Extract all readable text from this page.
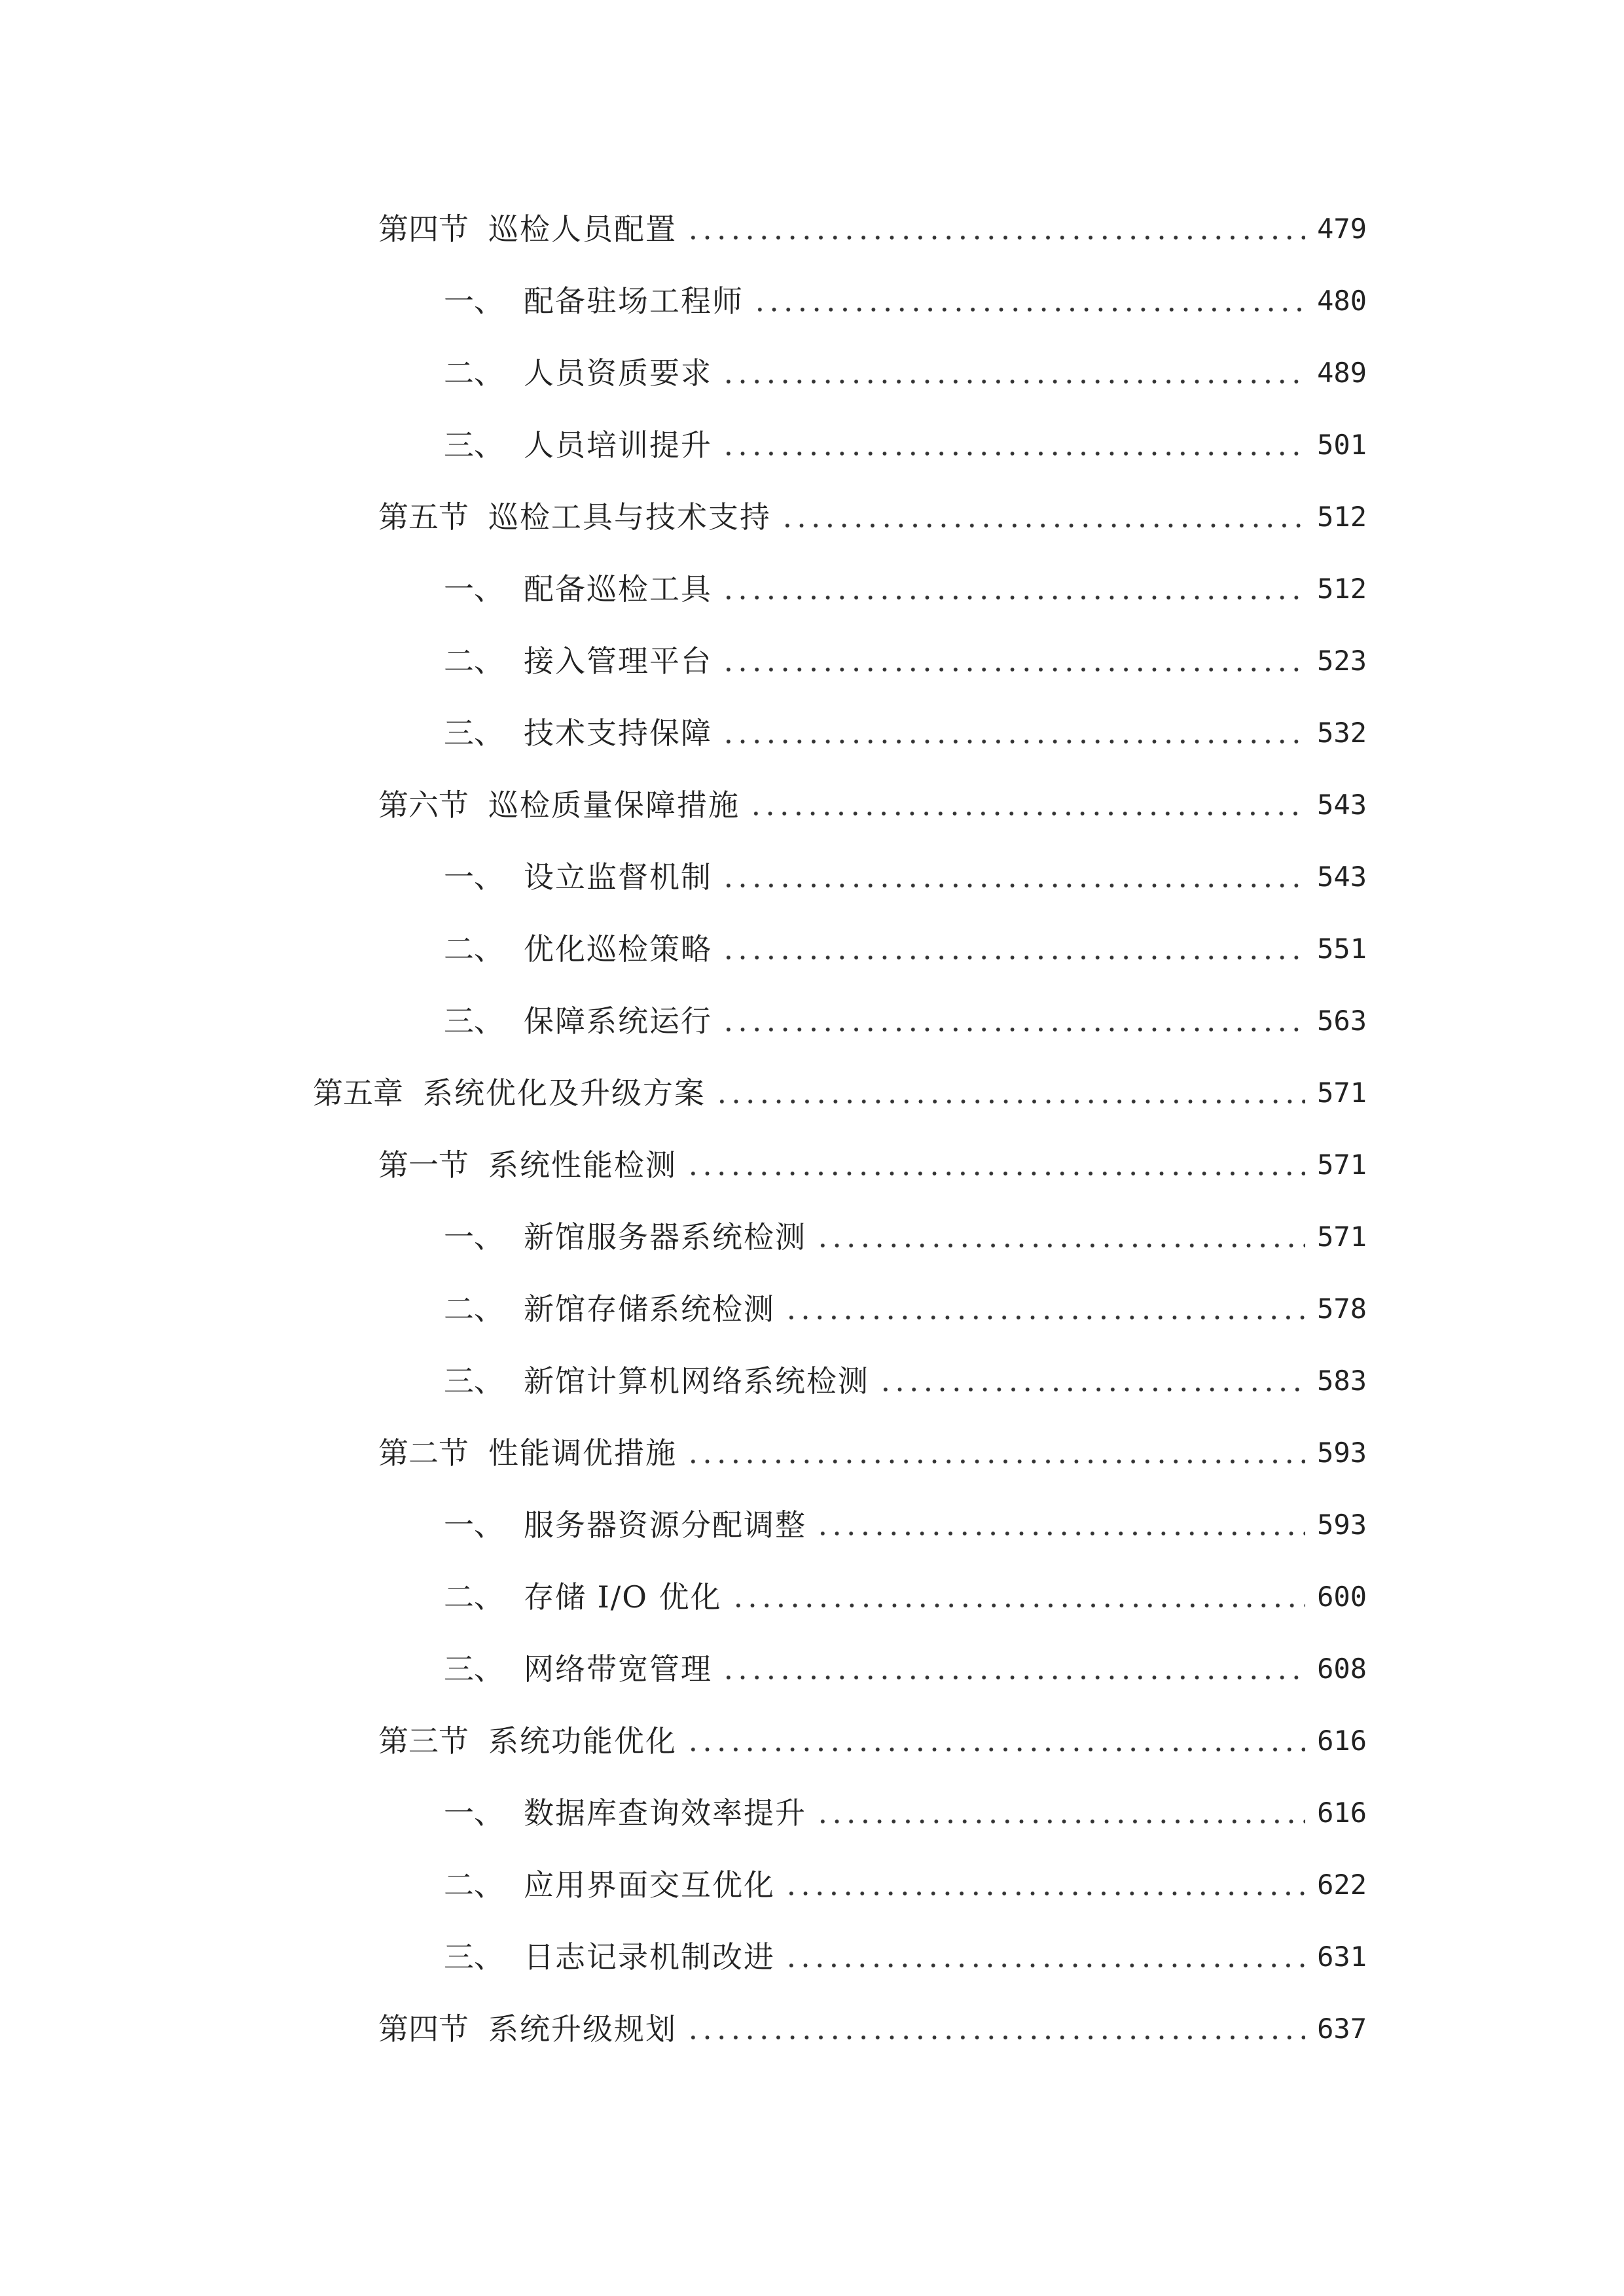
第四节 巡检人员配置	479
一、 配备驻场工程师	480
二、 人员资质要求	489
三、 人员培训提升	501
第五节 巡检工具与技术支持	512
一、 配备巡检工具	512
二、 接入管理平台	523
三、 技术支持保障	532
第六节 巡检质量保障措施	543
一、 设立监督机制	543
二、 优化巡检策略	551
三、 保障系统运行	563
第五章 系统优化及升级方案	571
第一节 系统性能检测	571
一、 新馆服务器系统检测	571
二、 新馆存储系统检测	578
三、 新馆计算机网络系统检测	583
第二节 性能调优措施	593
一、 服务器资源分配调整	593
二、 存储 I/O 优化	600
三、 网络带宽管理	608
第三节 系统功能优化	616
一、 数据库查询效率提升	616
二、 应用界面交互优化	622
三、 日志记录机制改进	631
第四节 系统升级规划	637
